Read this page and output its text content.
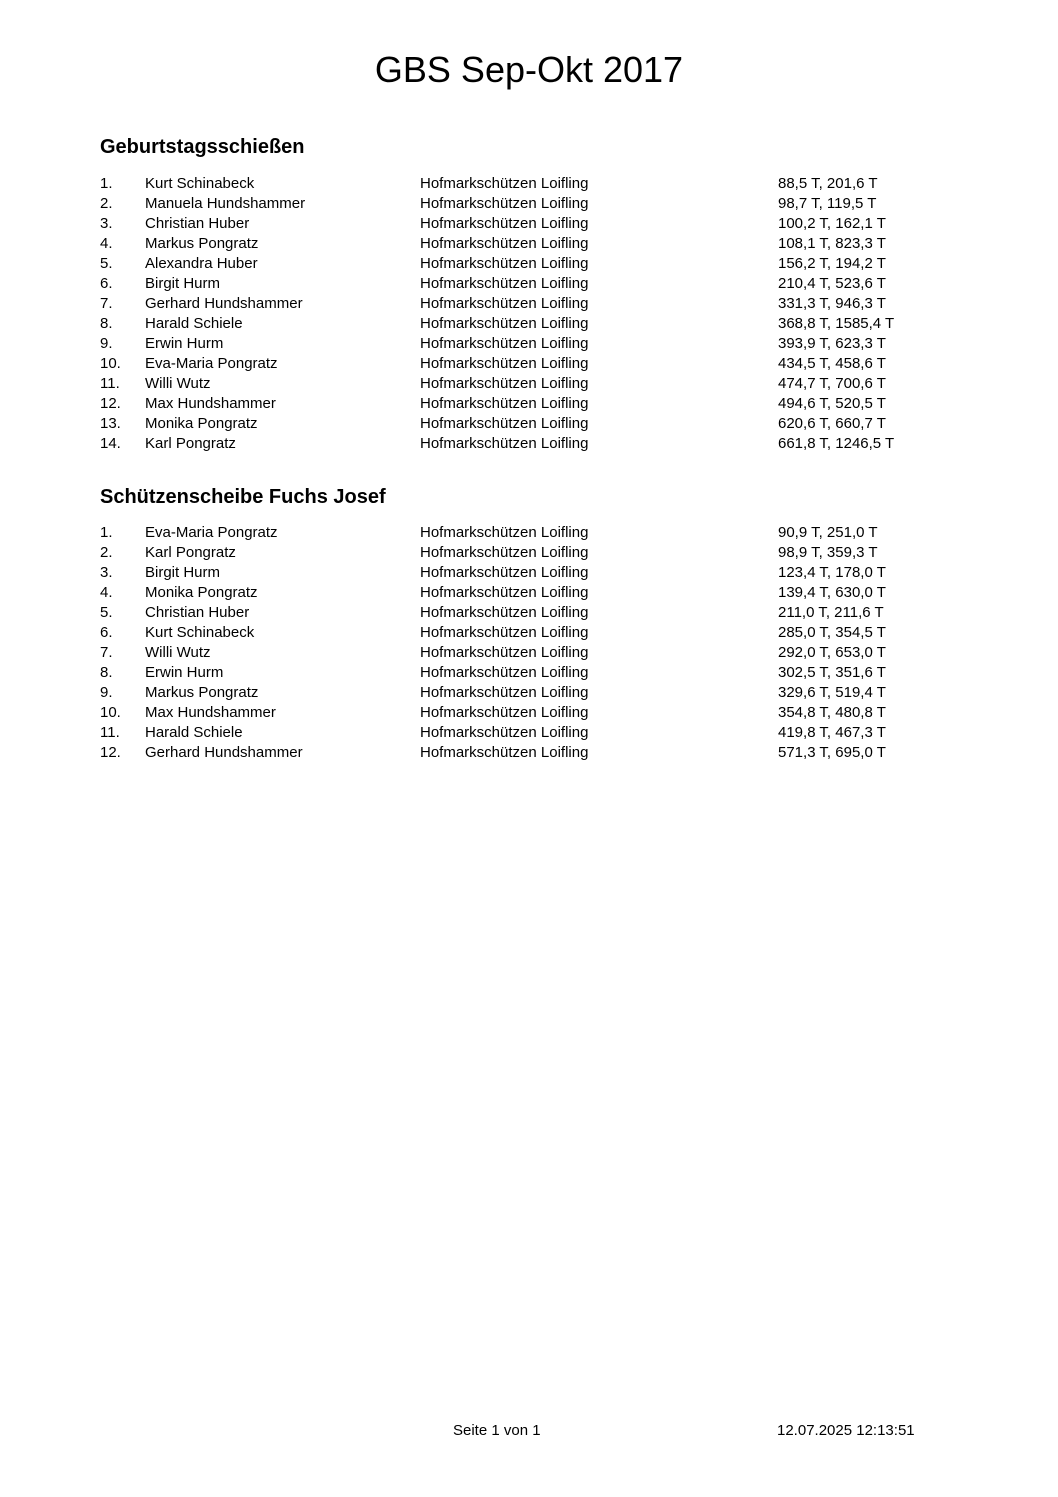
GBS Sep-Okt 2017
Geburtstagsschießen
1.	Kurt Schinabeck	Hofmarkschützen Loifling	88,5 T, 201,6 T
2.	Manuela Hundshammer	Hofmarkschützen Loifling	98,7 T, 119,5 T
3.	Christian Huber	Hofmarkschützen Loifling	100,2 T, 162,1 T
4.	Markus Pongratz	Hofmarkschützen Loifling	108,1 T, 823,3 T
5.	Alexandra Huber	Hofmarkschützen Loifling	156,2 T, 194,2 T
6.	Birgit Hurm	Hofmarkschützen Loifling	210,4 T, 523,6 T
7.	Gerhard Hundshammer	Hofmarkschützen Loifling	331,3 T, 946,3 T
8.	Harald Schiele	Hofmarkschützen Loifling	368,8 T, 1585,4 T
9.	Erwin Hurm	Hofmarkschützen Loifling	393,9 T, 623,3 T
10.	Eva-Maria Pongratz	Hofmarkschützen Loifling	434,5 T, 458,6 T
11.	Willi Wutz	Hofmarkschützen Loifling	474,7 T, 700,6 T
12.	Max Hundshammer	Hofmarkschützen Loifling	494,6 T, 520,5 T
13.	Monika Pongratz	Hofmarkschützen Loifling	620,6 T, 660,7 T
14.	Karl Pongratz	Hofmarkschützen Loifling	661,8 T, 1246,5 T
Schützenscheibe Fuchs Josef
1.	Eva-Maria Pongratz	Hofmarkschützen Loifling	90,9 T, 251,0 T
2.	Karl Pongratz	Hofmarkschützen Loifling	98,9 T, 359,3 T
3.	Birgit Hurm	Hofmarkschützen Loifling	123,4 T, 178,0 T
4.	Monika Pongratz	Hofmarkschützen Loifling	139,4 T, 630,0 T
5.	Christian Huber	Hofmarkschützen Loifling	211,0 T, 211,6 T
6.	Kurt Schinabeck	Hofmarkschützen Loifling	285,0 T, 354,5 T
7.	Willi Wutz	Hofmarkschützen Loifling	292,0 T, 653,0 T
8.	Erwin Hurm	Hofmarkschützen Loifling	302,5 T, 351,6 T
9.	Markus Pongratz	Hofmarkschützen Loifling	329,6 T, 519,4 T
10.	Max Hundshammer	Hofmarkschützen Loifling	354,8 T, 480,8 T
11.	Harald Schiele	Hofmarkschützen Loifling	419,8 T, 467,3 T
12.	Gerhard Hundshammer	Hofmarkschützen Loifling	571,3 T, 695,0 T
Seite 1 von 1	12.07.2025 12:13:51
